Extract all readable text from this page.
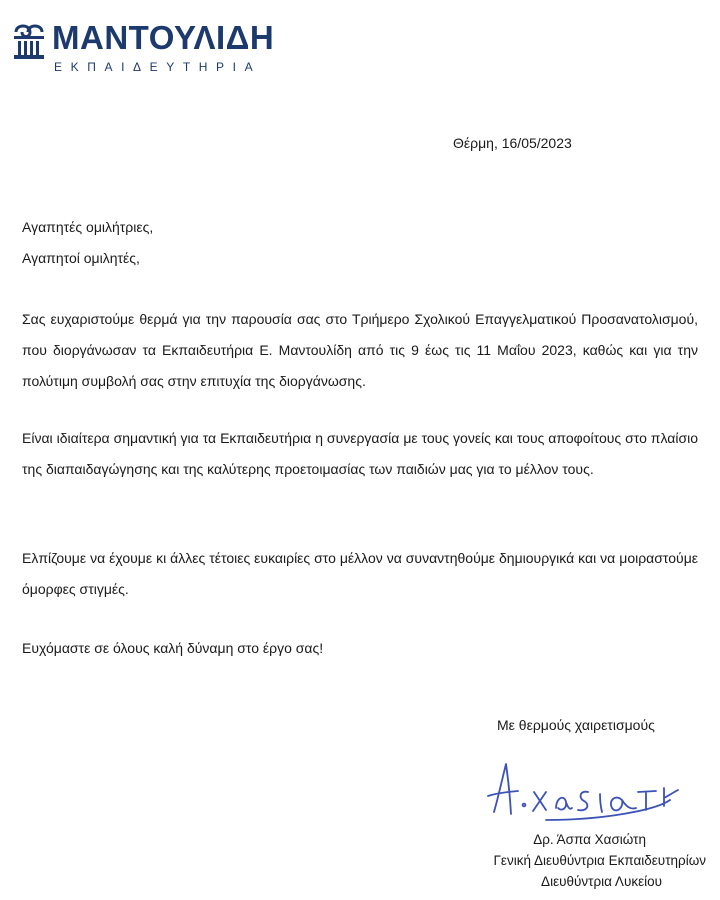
ΜΑΝΤΟΥΛΙΔΗ
ΕΚΠΑΙΔΕΥΤΗΡΙΑ
Θέρμη, 16/05/2023

Αγαπητές ομιλήτριες,

Αγαπητοί ομιλητές,

Σας ευχαριστούμε θερμά για την παρουσία σας στο Τριήμερο Σχολικού Επαγγελματικού Προσανατολισμού, που διοργάνωσαν τα Εκπαιδευτήρια Ε. Μαντουλίδη από τις 9 έως τις 11 Μαΐου 2023, καθώς και για την πολύτιμη συμβολή σας στην επιτυχία της διοργάνωσης.

Είναι ιδιαίτερα σημαντική για τα Εκπαιδευτήρια η συνεργασία με τους γονείς και τους αποφοίτους στο πλαίσιο της διαπαιδαγώγησης και της καλύτερης προετοιμασίας των παιδιών μας για το μέλλον τους.

Ελπίζουμε να έχουμε κι άλλες τέτοιες ευκαιρίες στο μέλλον να συναντηθούμε δημιουργικά και να μοιραστούμε όμορφες στιγμές.

Ευχόμαστε σε όλους καλή δύναμη στο έργο σας!

Με θερμούς χαιρετισμούς
Δρ. Άσπα Χασιώτη
Γενική Διευθύντρια Εκπαιδευτηρίων
Διευθύντρια Λυκείου
